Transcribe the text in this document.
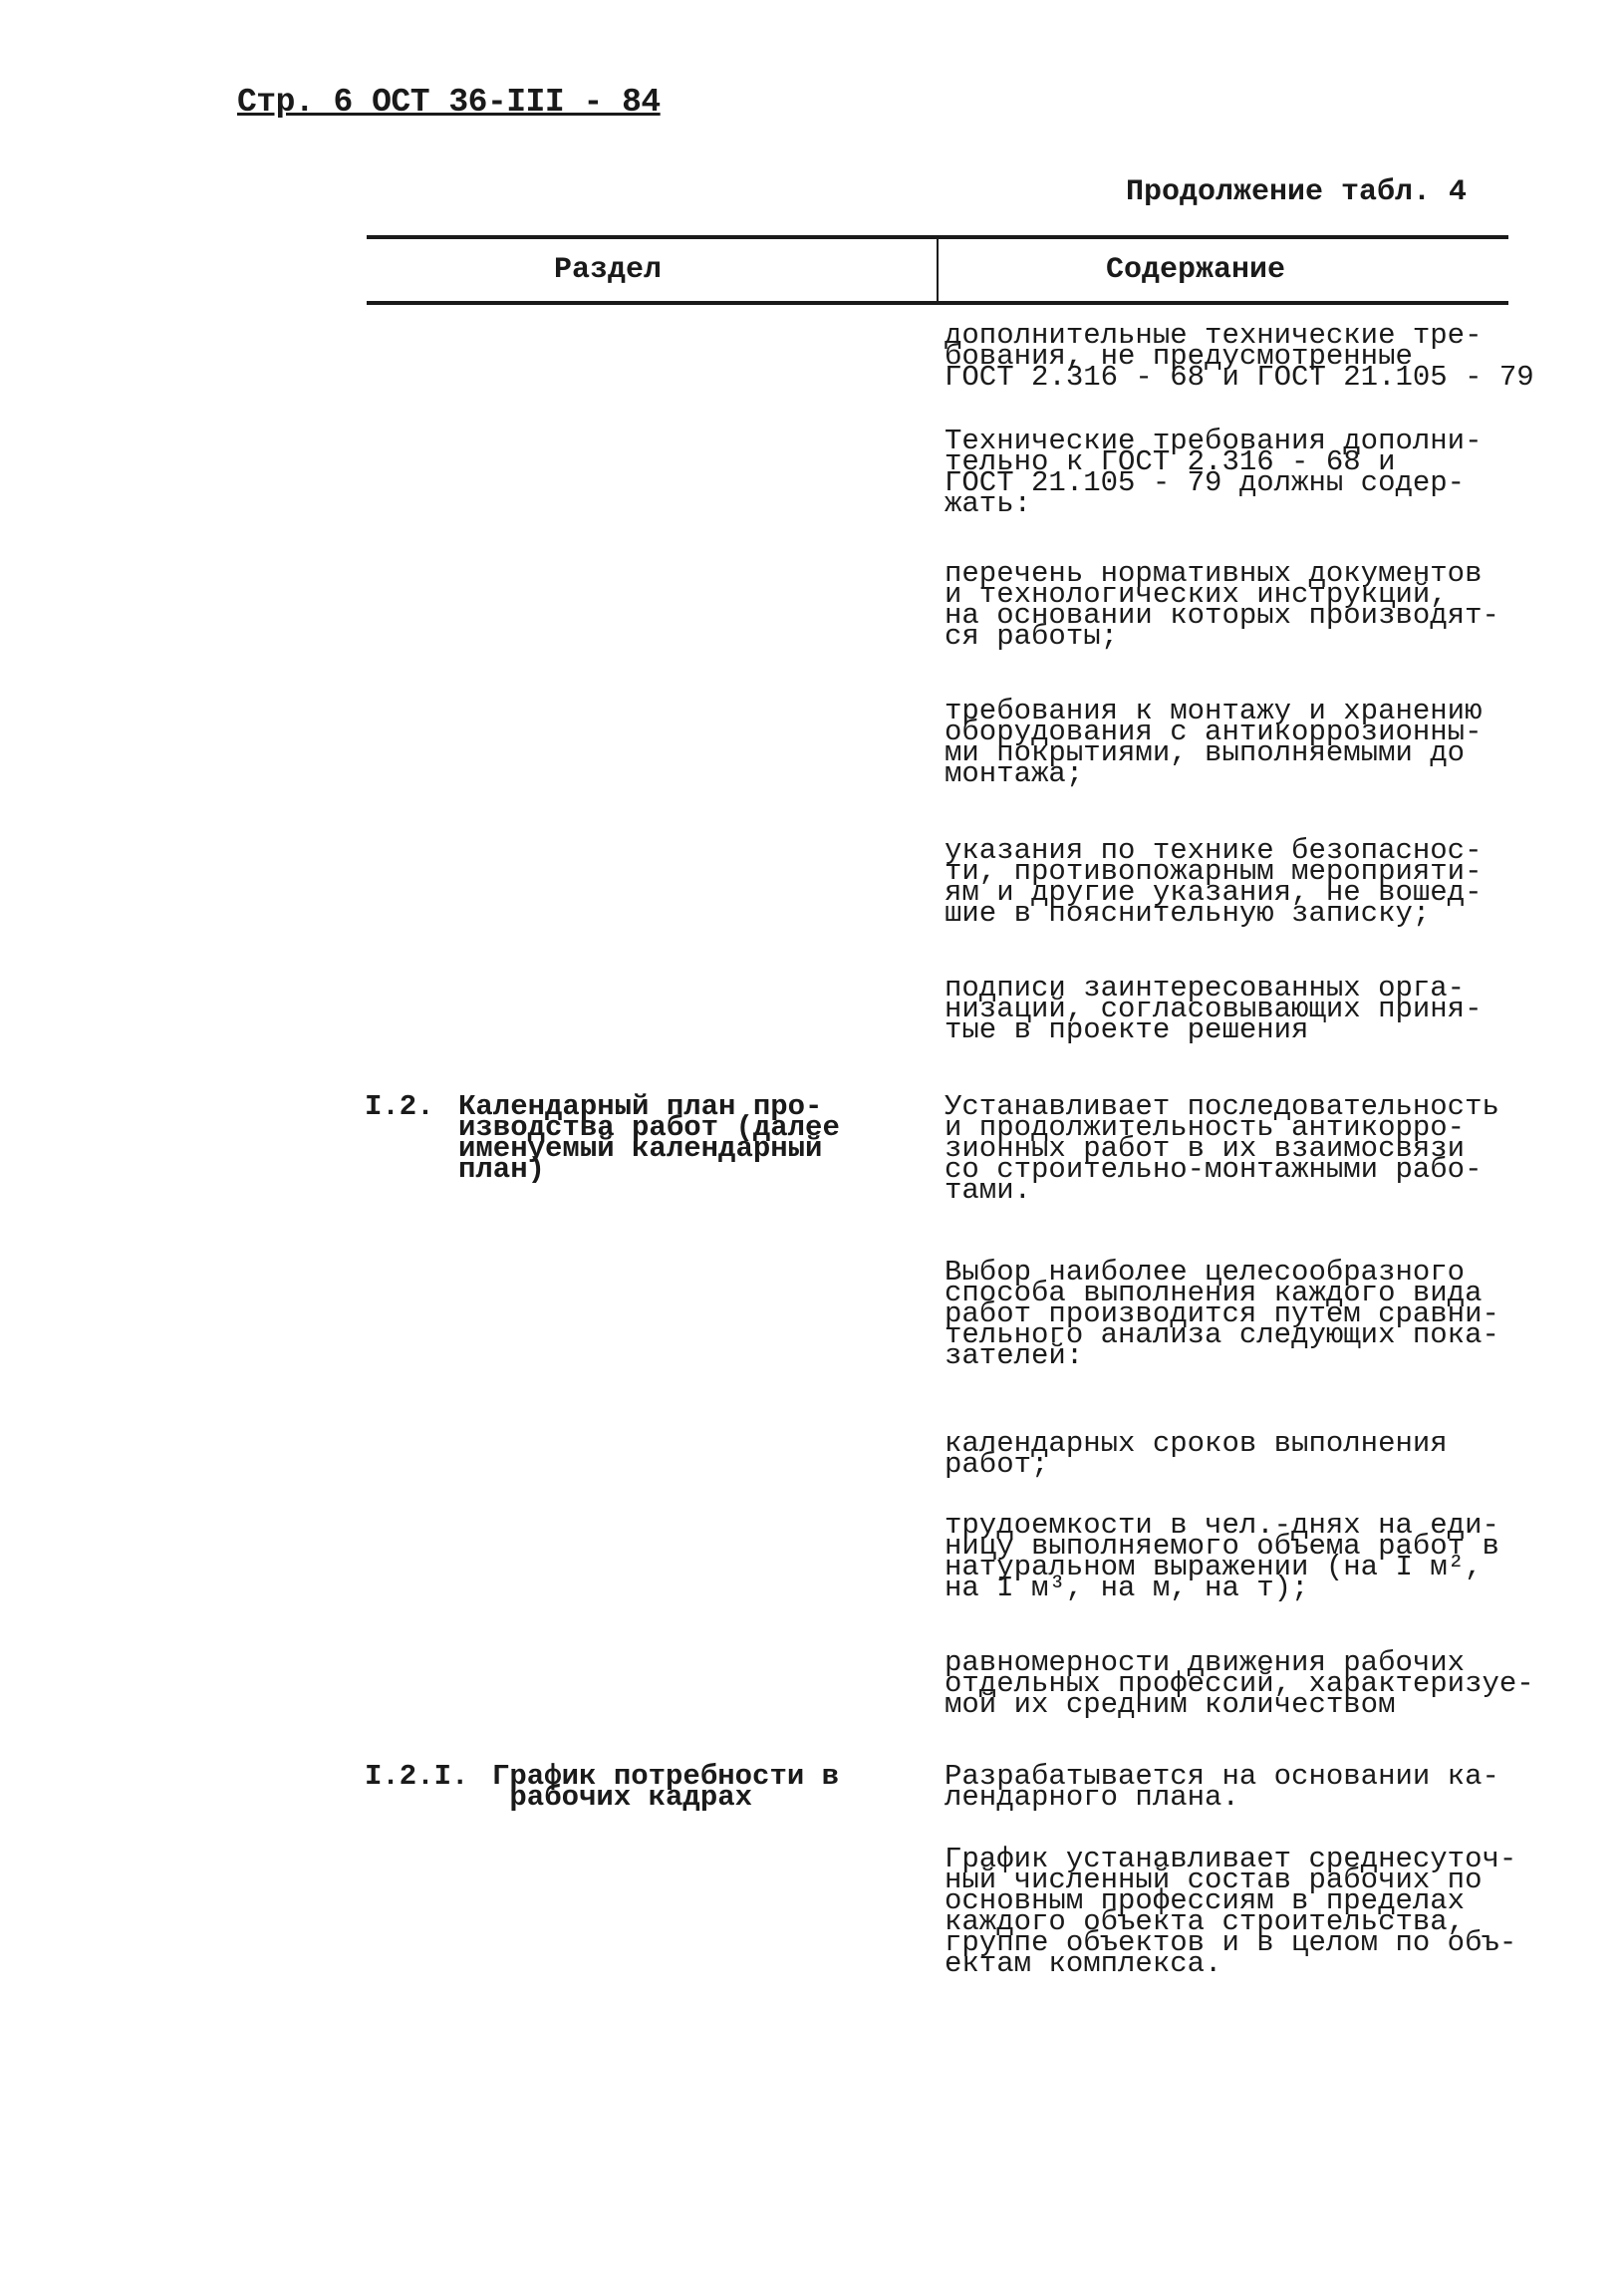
Стр. 6 ОСТ 36-III - 84
Продолжение табл. 4
Раздел	Содержание
дополнительные технические тре-
бования, не предусмотренные
ГОСТ 2.316 - 68 и ГОСТ 21.105 - 79
Технические требования дополни-
тельно к ГОСТ 2.316 - 68 и
ГОСТ 21.105 - 79 должны содер-
жать:
перечень нормативных документов
и технологических инструкций,
на основании которых производят-
ся работы;
требования к монтажу и хранению
оборудования с антикоррозионны-
ми покрытиями, выполняемыми до
монтажа;
указания по технике безопаснос-
ти, противопожарным мероприяти-
ям и другие указания, не вошед-
шие в пояснительную записку;
подписи заинтересованных орга-
низаций, согласовывающих приня-
тые в проекте решения
Устанавливает последовательность
и продолжительность антикорро-
зионных работ в их взаимосвязи
со строительно-монтажными рабо-
тами.
Выбор наиболее целесообразного
способа выполнения каждого вида
работ производится путем сравни-
тельного анализа следующих пока-
зателей:
календарных сроков выполнения
работ;
трудоемкости в чел.-днях на еди-
ницу выполняемого объема работ в
натуральном выражении (на I м²,
на I м³, на м, на т);
равномерности движения рабочих
отдельных профессий, характеризуе-
мой их средним количеством
Разрабатывается на основании ка-
лендарного плана.
График устанавливает среднесуточ-
ный численный состав рабочих по
основным профессиям в пределах
каждого объекта строительства,
группе объектов и в целом по объ-
ектам комплекса.

I.2.

Календарный план про-
изводства работ (далее
именуемый календарный
план)

I.2.I.

График потребности в
рабочих кадрах
